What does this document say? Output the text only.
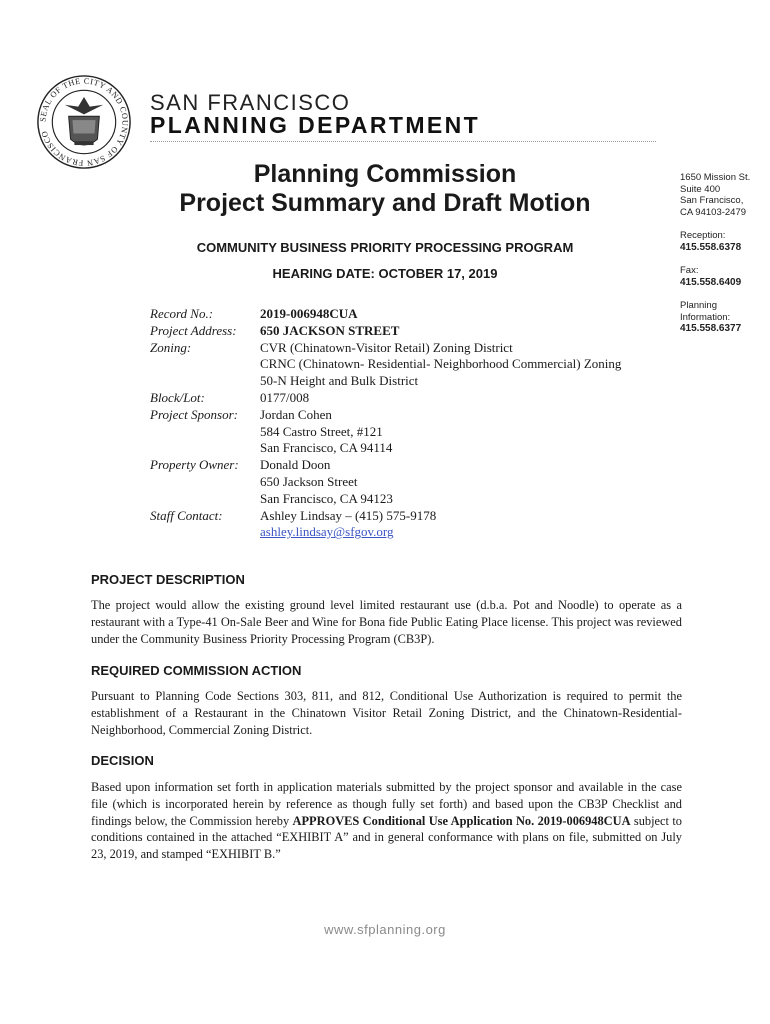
SEAL OF THE CITY AND COUNTY OF SAN FRANCISCO
SAN FRANCISCO
PLANNING DEPARTMENT
Planning Commission
Project Summary and Draft Motion
COMMUNITY BUSINESS PRIORITY PROCESSING PROGRAM
HEARING DATE: OCTOBER 17, 2019
1650 Mission St.
Suite 400
San Francisco,
CA 94103-2479
Reception:
415.558.6378
Fax:
415.558.6409
Planning
Information:
415.558.6377
Record No.:	2019-006948CUA
Project Address:	650 JACKSON STREET
Zoning:	CVR (Chinatown-Visitor Retail) Zoning District
CRNC (Chinatown- Residential- Neighborhood Commercial) Zoning
50-N Height and Bulk District
Block/Lot:	0177/008
Project Sponsor:	Jordan Cohen
584 Castro Street, #121
San Francisco, CA 94114
Property Owner:	Donald Doon
650 Jackson Street
San Francisco, CA 94123
Staff Contact:	Ashley Lindsay – (415) 575-9178
ashley.lindsay@sfgov.org
PROJECT DESCRIPTION
The project would allow the existing ground level limited restaurant use (d.b.a. Pot and Noodle) to operate as a restaurant with a Type-41 On-Sale Beer and Wine for Bona fide Public Eating Place license. This project was reviewed under the Community Business Priority Processing Program (CB3P).
REQUIRED COMMISSION ACTION
Pursuant to Planning Code Sections 303, 811, and 812, Conditional Use Authorization is required to permit the establishment of a Restaurant in the Chinatown Visitor Retail Zoning District, and the Chinatown-Residential-Neighborhood, Commercial Zoning District.
DECISION
Based upon information set forth in application materials submitted by the project sponsor and available in the case file (which is incorporated herein by reference as though fully set forth) and based upon the CB3P Checklist and findings below, the Commission hereby APPROVES Conditional Use Application No. 2019-006948CUA subject to conditions contained in the attached “EXHIBIT A” and in general conformance with plans on file, submitted on July 23, 2019, and stamped “EXHIBIT B.”
www.sfplanning.org
